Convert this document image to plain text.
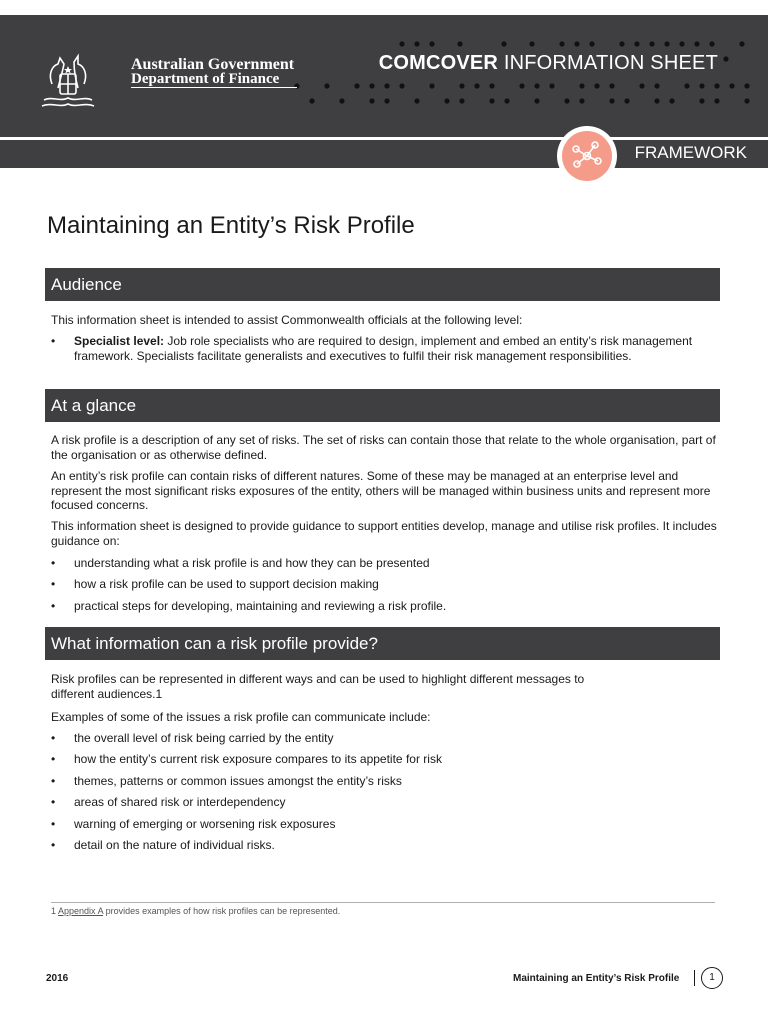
Australian Government
Department of Finance
COMCOVER INFORMATION SHEET
FRAMEWORK
Maintaining an Entity’s Risk Profile
Audience
This information sheet is intended to assist Commonwealth officials at the following level:
• Specialist level: Job role specialists who are required to design, implement and embed an entity’s risk management framework. Specialists facilitate generalists and executives to fulfil their risk management responsibilities.
At a glance
A risk profile is a description of any set of risks. The set of risks can contain those that relate to the whole organisation, part of the organisation or as otherwise defined.
An entity’s risk profile can contain risks of different natures. Some of these may be managed at an enterprise level and represent the most significant risks exposures of the entity, others will be managed within business units and represent more focused concerns.
This information sheet is designed to provide guidance to support entities develop, manage and utilise risk profiles. It includes guidance on:
• understanding what a risk profile is and how they can be presented
• how a risk profile can be used to support decision making
• practical steps for developing, maintaining and reviewing a risk profile.
What information can a risk profile provide?
Risk profiles can be represented in different ways and can be used to highlight different messages to
different audiences.1
Examples of some of the issues a risk profile can communicate include:
• the overall level of risk being carried by the entity
• how the entity’s current risk exposure compares to its appetite for risk
• themes, patterns or common issues amongst the entity’s risks
• areas of shared risk or interdependency
• warning of emerging or worsening risk exposures
• detail on the nature of individual risks.
1 Appendix A provides examples of how risk profiles can be represented.
2016	Maintaining an Entity’s Risk Profile	1
